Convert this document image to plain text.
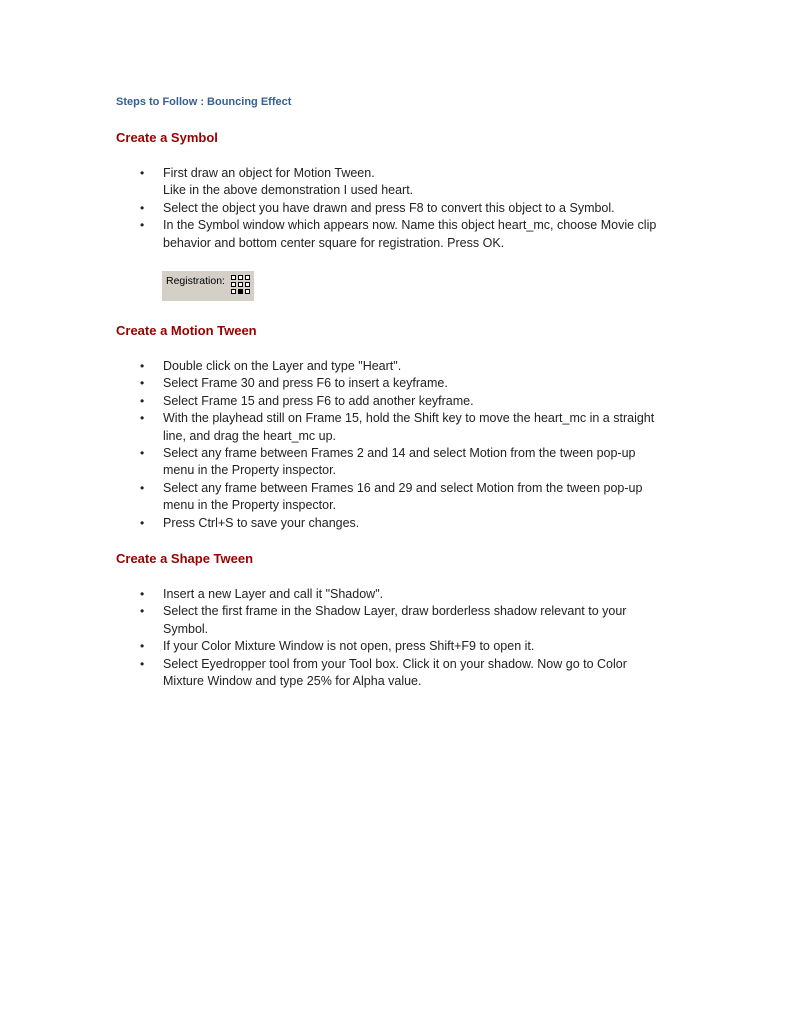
Steps to Follow : Bouncing Effect
Create a Symbol
• First draw an object for Motion Tween.
Like in the above demonstration I used heart.
• Select the object you have drawn and press F8 to convert this object to a Symbol.
• In the Symbol window which appears now. Name this object heart_mc, choose Movie clip
behavior and bottom center square for registration. Press OK.
Registration:
Create a Motion Tween
• Double click on the Layer and type "Heart".
• Select Frame 30 and press F6 to insert a keyframe.
• Select Frame 15 and press F6 to add another keyframe.
• With the playhead still on Frame 15, hold the Shift key to move the heart_mc in a straight
line, and drag the heart_mc up.
• Select any frame between Frames 2 and 14 and select Motion from the tween pop-up
menu in the Property inspector.
• Select any frame between Frames 16 and 29 and select Motion from the tween pop-up
menu in the Property inspector.
• Press Ctrl+S to save your changes.
Create a Shape Tween
• Insert a new Layer and call it "Shadow".
• Select the first frame in the Shadow Layer, draw borderless shadow relevant to your
Symbol.
• If your Color Mixture Window is not open, press Shift+F9 to open it.
• Select Eyedropper tool from your Tool box. Click it on your shadow. Now go to Color
Mixture Window and type 25% for Alpha value.
